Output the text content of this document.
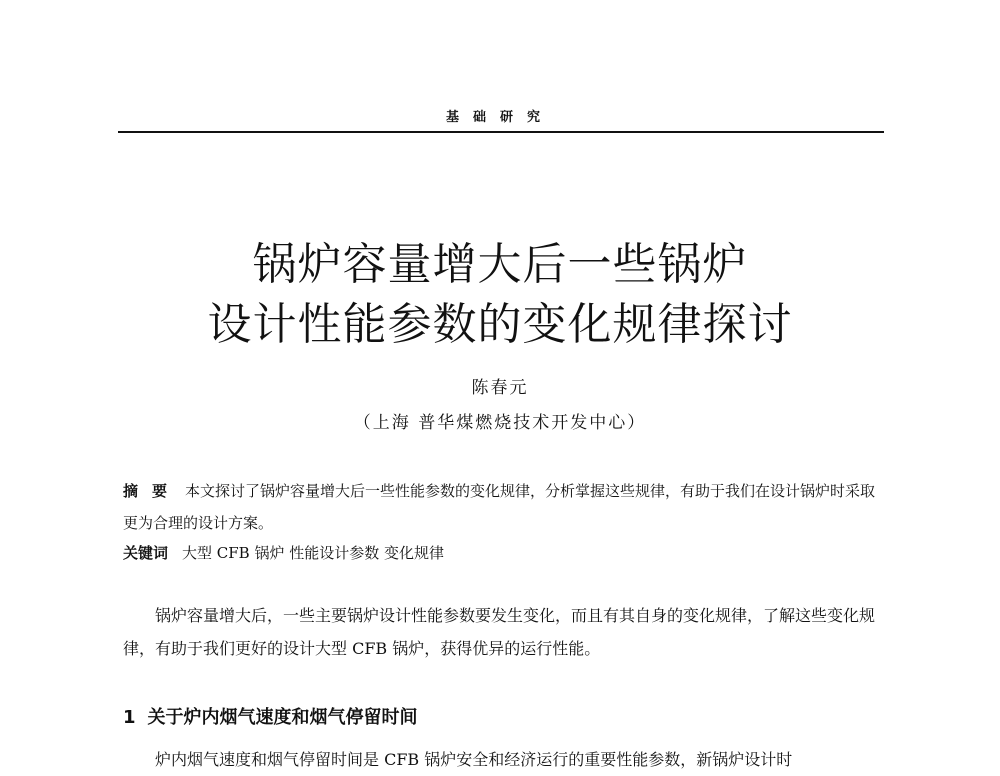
基础研究
锅炉容量增大后一些锅炉
设计性能参数的变化规律探讨
陈春元
（上海 普华煤燃烧技术开发中心）
摘要 本文探讨了锅炉容量增大后一些性能参数的变化规律，分析掌握这些规律，有助于我们在设计锅炉时采取更为合理的设计方案。
关键词 大型 CFB 锅炉 性能设计参数 变化规律
锅炉容量增大后，一些主要锅炉设计性能参数要发生变化，而且有其自身的变化规律，了解这些变化规律，有助于我们更好的设计大型 CFB 锅炉，获得优异的运行性能。
1 关于炉内烟气速度和烟气停留时间
炉内烟气速度和烟气停留时间是 CFB 锅炉安全和经济运行的重要性能参数，新锅炉设计时
